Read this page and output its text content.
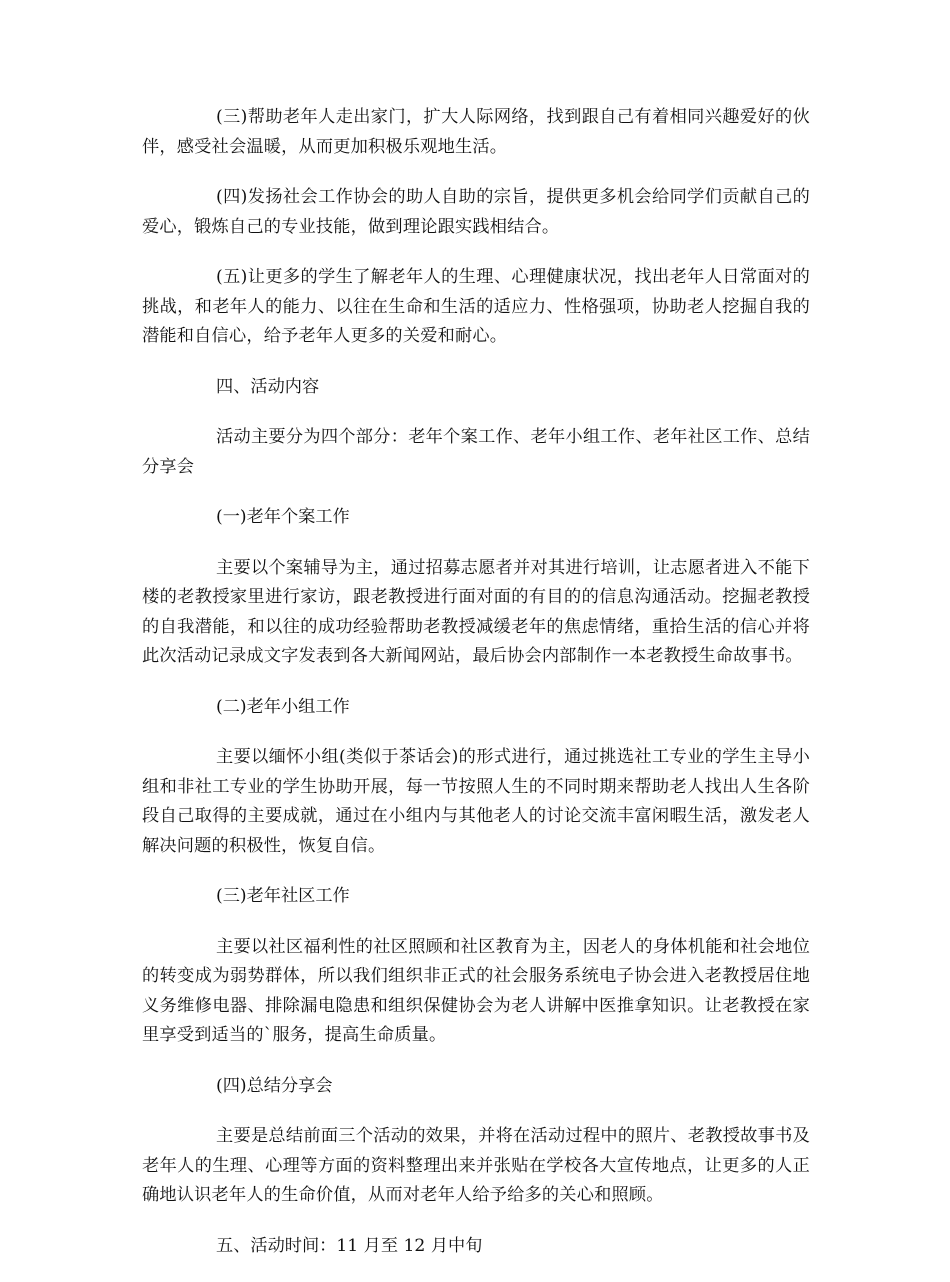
(三)帮助老年人走出家门，扩大人际网络，找到跟自己有着相同兴趣爱好的伙伴，感受社会温暖，从而更加积极乐观地生活。

(四)发扬社会工作协会的助人自助的宗旨，提供更多机会给同学们贡献自己的爱心，锻炼自己的专业技能，做到理论跟实践相结合。

(五)让更多的学生了解老年人的生理、心理健康状况，找出老年人日常面对的挑战，和老年人的能力、以往在生命和生活的适应力、性格强项，协助老人挖掘自我的潜能和自信心，给予老年人更多的关爱和耐心。

四、活动内容

活动主要分为四个部分：老年个案工作、老年小组工作、老年社区工作、总结分享会

(一)老年个案工作

主要以个案辅导为主，通过招募志愿者并对其进行培训，让志愿者进入不能下楼的老教授家里进行家访，跟老教授进行面对面的有目的的信息沟通活动。挖掘老教授的自我潜能，和以往的成功经验帮助老教授减缓老年的焦虑情绪，重拾生活的信心并将此次活动记录成文字发表到各大新闻网站，最后协会内部制作一本老教授生命故事书。

(二)老年小组工作

主要以缅怀小组(类似于茶话会)的形式进行，通过挑选社工专业的学生主导小组和非社工专业的学生协助开展，每一节按照人生的不同时期来帮助老人找出人生各阶段自己取得的主要成就，通过在小组内与其他老人的讨论交流丰富闲暇生活，激发老人解决问题的积极性，恢复自信。

(三)老年社区工作

主要以社区福利性的社区照顾和社区教育为主，因老人的身体机能和社会地位的转变成为弱势群体，所以我们组织非正式的社会服务系统电子协会进入老教授居住地义务维修电器、排除漏电隐患和组织保健协会为老人讲解中医推拿知识。让老教授在家里享受到适当的`服务，提高生命质量。

(四)总结分享会

主要是总结前面三个活动的效果，并将在活动过程中的照片、老教授故事书及老年人的生理、心理等方面的资料整理出来并张贴在学校各大宣传地点，让更多的人正确地认识老年人的生命价值，从而对老年人给予给多的关心和照顾。

五、活动时间：11 月至 12 月中旬
